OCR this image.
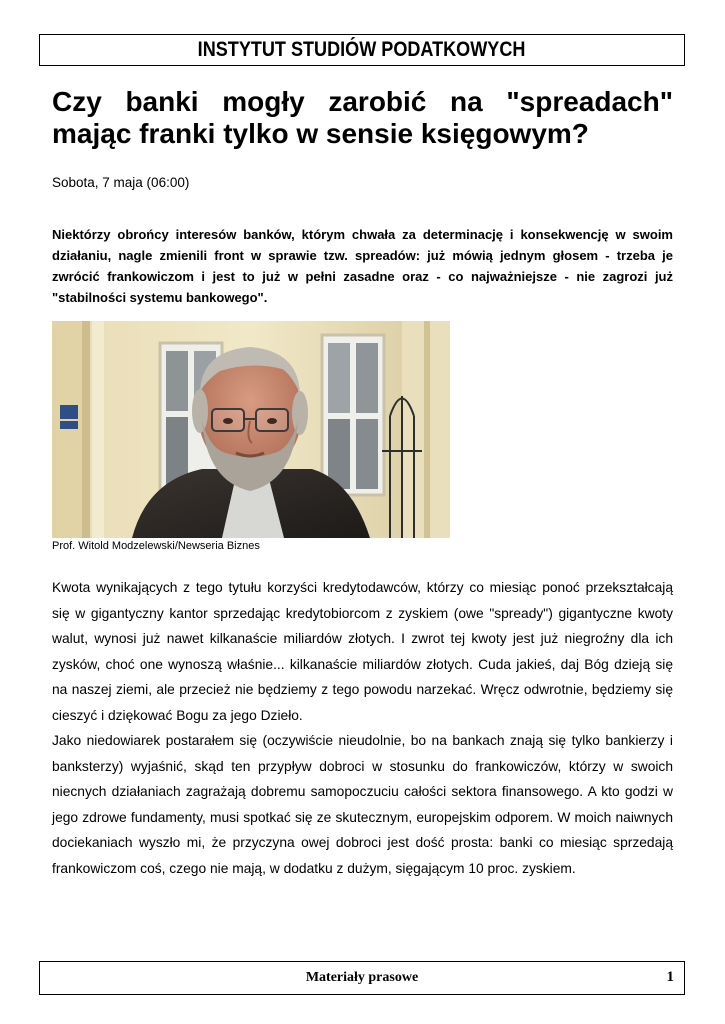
INSTYTUT STUDIÓW PODATKOWYCH
Czy banki mogły zarobić na "spreadach" mając franki tylko w sensie księgowym?
Sobota, 7 maja (06:00)

Niektórzy obrońcy interesów banków, którym chwała za determinację i konsekwencję w swoim działaniu, nagle zmienili front w sprawie tzw. spreadów: już mówią jednym głosem - trzeba je zwrócić frankowiczom i jest to już w pełni zasadne oraz - co najważniejsze - nie zagrozi już "stabilności systemu bankowego".

Prof. Witold Modzelewski/Newseria Biznes

Kwota wynikających z tego tytułu korzyści kredytodawców, którzy co miesiąc ponoć przekształcają się w gigantyczny kantor sprzedając kredytobiorcom z zyskiem (owe "spready") gigantyczne kwoty walut, wynosi już nawet kilkanaście miliardów złotych. I zwrot tej kwoty jest już niegroźny dla ich zysków, choć one wynoszą właśnie... kilkanaście miliardów złotych. Cuda jakieś, daj Bóg dzieją się na naszej ziemi, ale przecież nie będziemy z tego powodu narzekać. Wręcz odwrotnie, będziemy się cieszyć i dziękować Bogu za jego Dzieło.

Jako niedowiarek postarałem się (oczywiście nieudolnie, bo na bankach znają się tylko bankierzy i banksterzy) wyjaśnić, skąd ten przypływ dobroci w stosunku do frankowiczów, którzy w swoich niecnych działaniach zagrażają dobremu samopoczuciu całości sektora finansowego. A kto godzi w jego zdrowe fundamenty, musi spotkać się ze skutecznym, europejskim odporem. W moich naiwnych dociekaniach wyszło mi, że przyczyna owej dobroci jest dość prosta: banki co miesiąc sprzedają frankowiczom coś, czego nie mają, w dodatku z dużym, sięgającym 10 proc. zyskiem.

Materiały prasowe	1
